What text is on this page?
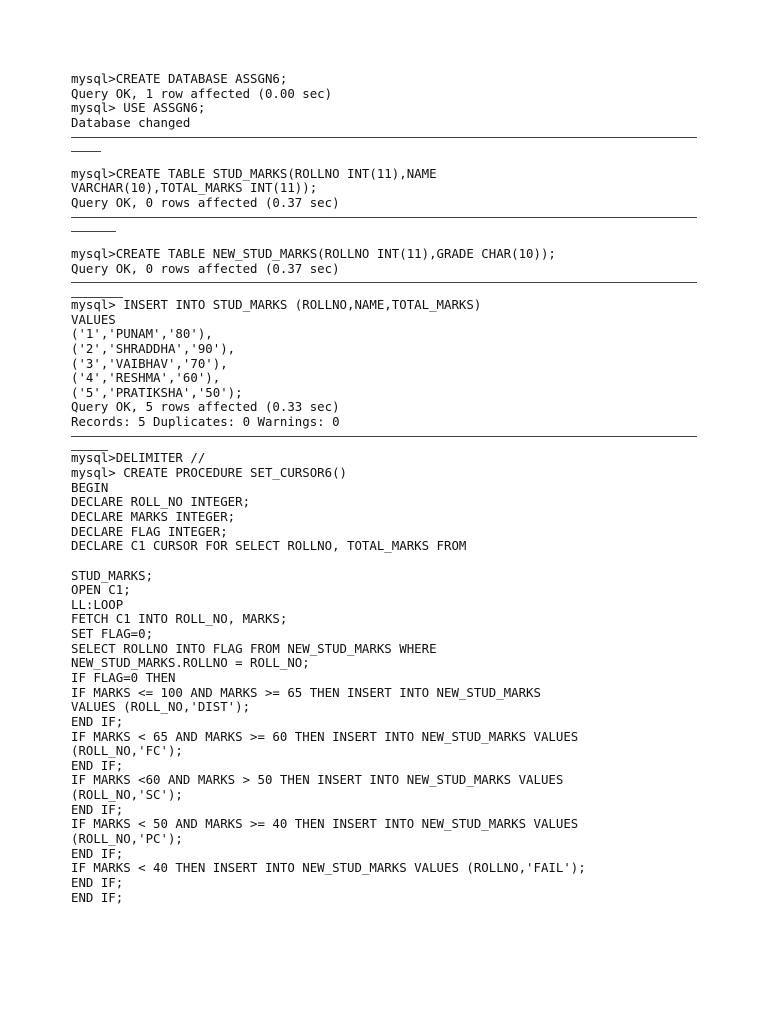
mysql>CREATE DATABASE ASSGN6;
Query OK, 1 row affected (0.00 sec)
mysql> USE ASSGN6;
Database changed
mysql>CREATE TABLE STUD_MARKS(ROLLNO INT(11),NAME
VARCHAR(10),TOTAL_MARKS INT(11));
Query OK, 0 rows affected (0.37 sec)
mysql>CREATE TABLE NEW_STUD_MARKS(ROLLNO INT(11),GRADE CHAR(10));
Query OK, 0 rows affected (0.37 sec)
mysql> INSERT INTO STUD_MARKS (ROLLNO,NAME,TOTAL_MARKS)
VALUES
('1','PUNAM','80'),
('2','SHRADDHA','90'),
('3','VAIBHAV','70'),
('4','RESHMA','60'),
('5','PRATIKSHA','50');
Query OK, 5 rows affected (0.33 sec)
Records: 5 Duplicates: 0 Warnings: 0
mysql>DELIMITER //
mysql> CREATE PROCEDURE SET_CURSOR6()
BEGIN
DECLARE ROLL_NO INTEGER;
DECLARE MARKS INTEGER;
DECLARE FLAG INTEGER;
DECLARE C1 CURSOR FOR SELECT ROLLNO, TOTAL_MARKS FROM
STUD_MARKS;
OPEN C1;
LL:LOOP
FETCH C1 INTO ROLL_NO, MARKS;
SET FLAG=0;
SELECT ROLLNO INTO FLAG FROM NEW_STUD_MARKS WHERE
NEW_STUD_MARKS.ROLLNO = ROLL_NO;
IF FLAG=0 THEN
IF MARKS <= 100 AND MARKS >= 65 THEN INSERT INTO NEW_STUD_MARKS
VALUES (ROLL_NO,'DIST');
END IF;
IF MARKS < 65 AND MARKS >= 60 THEN INSERT INTO NEW_STUD_MARKS VALUES
(ROLL_NO,'FC');
END IF;
IF MARKS <60 AND MARKS > 50 THEN INSERT INTO NEW_STUD_MARKS VALUES
(ROLL_NO,'SC');
END IF;
IF MARKS < 50 AND MARKS >= 40 THEN INSERT INTO NEW_STUD_MARKS VALUES
(ROLL_NO,'PC');
END IF;
IF MARKS < 40 THEN INSERT INTO NEW_STUD_MARKS VALUES (ROLLNO,'FAIL');
END IF;
END IF;
